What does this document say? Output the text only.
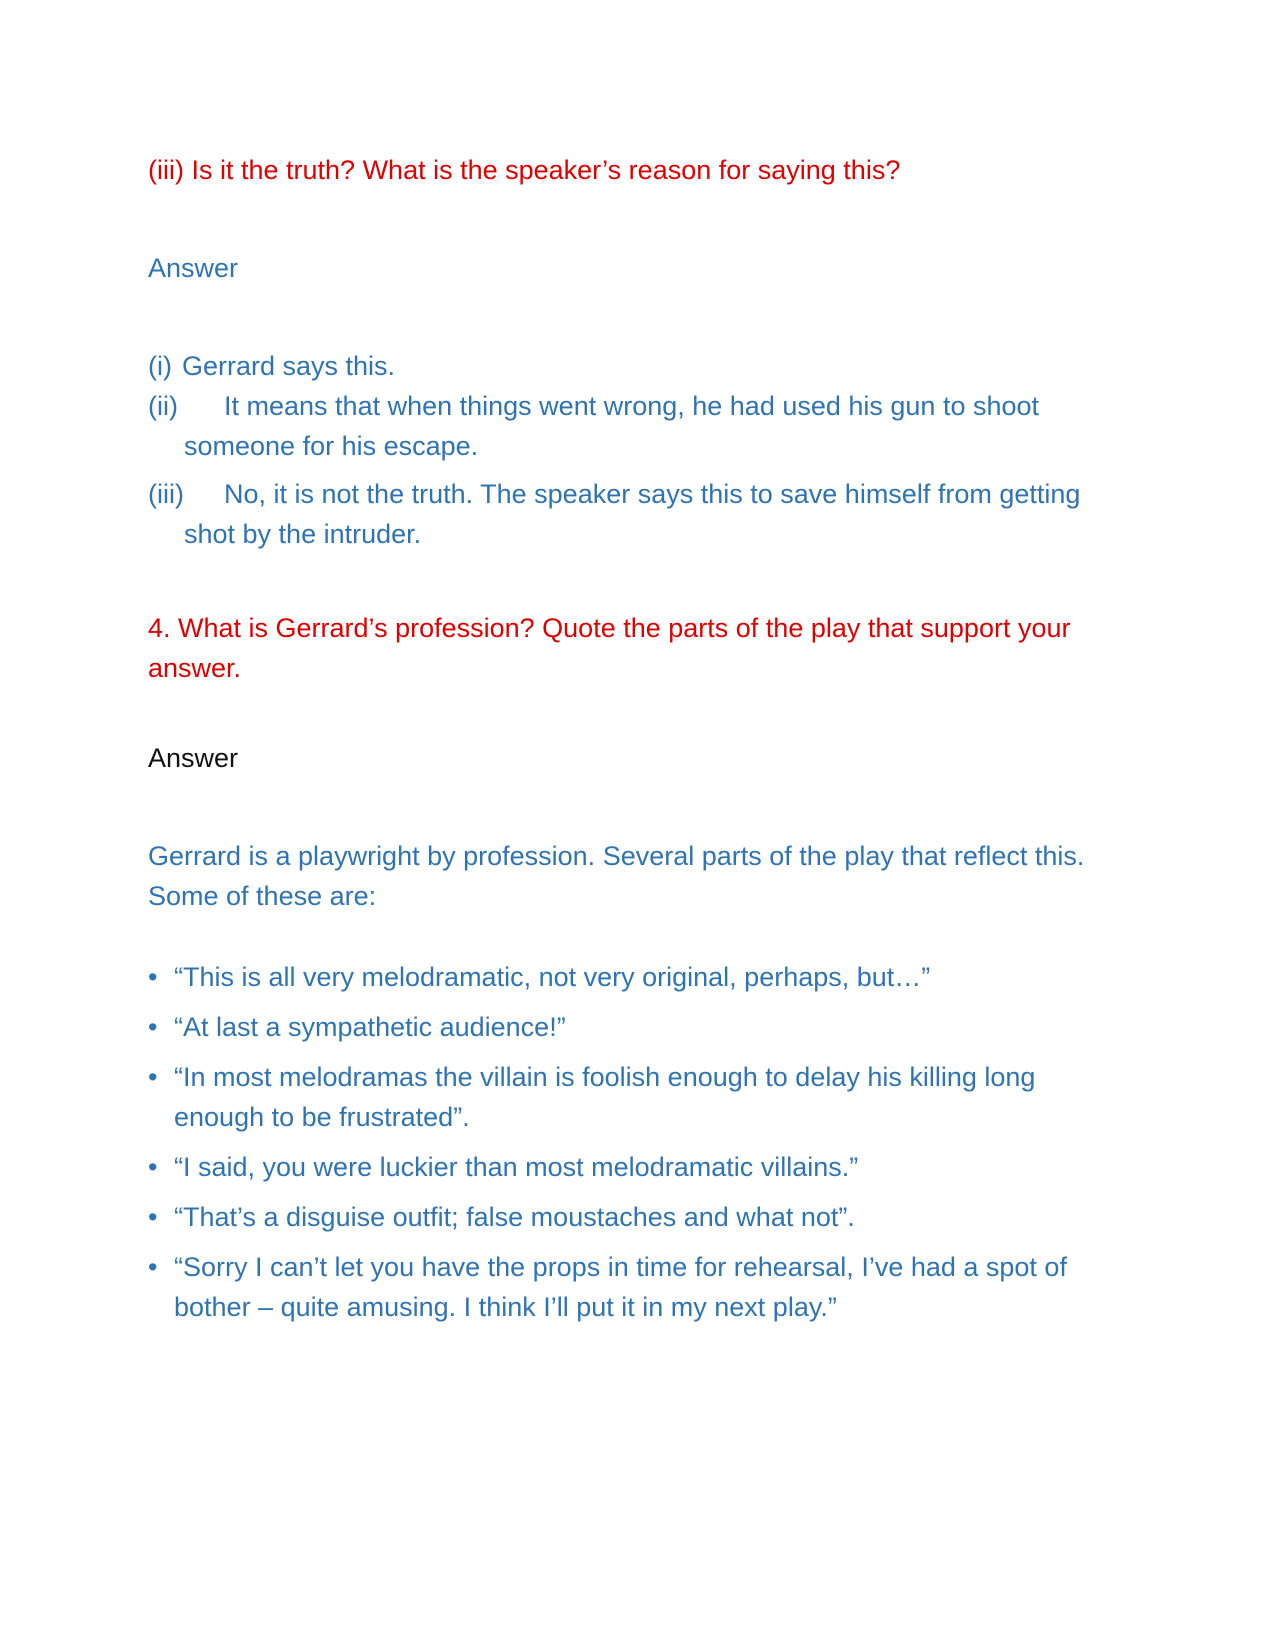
(iii) Is it the truth? What is the speaker’s reason for saying this?

Answer

(i) Gerrard says this.
(ii)	It means that when things went wrong, he had used his gun to shoot someone for his escape.
(iii)	No, it is not the truth. The speaker says this to save himself from getting shot by the intruder.

4. What is Gerrard’s profession? Quote the parts of the play that support your answer.

Answer

Gerrard is a playwright by profession. Several parts of the play that reflect this. Some of these are:

• “This is all very melodramatic, not very original, perhaps, but…”
• “At last a sympathetic audience!”
• “In most melodramas the villain is foolish enough to delay his killing long enough to be frustrated”.
• “I said, you were luckier than most melodramatic villains.”
• “That’s a disguise outfit; false moustaches and what not”.
• “Sorry I can’t let you have the props in time for rehearsal, I’ve had a spot of bother – quite amusing. I think I’ll put it in my next play.”
